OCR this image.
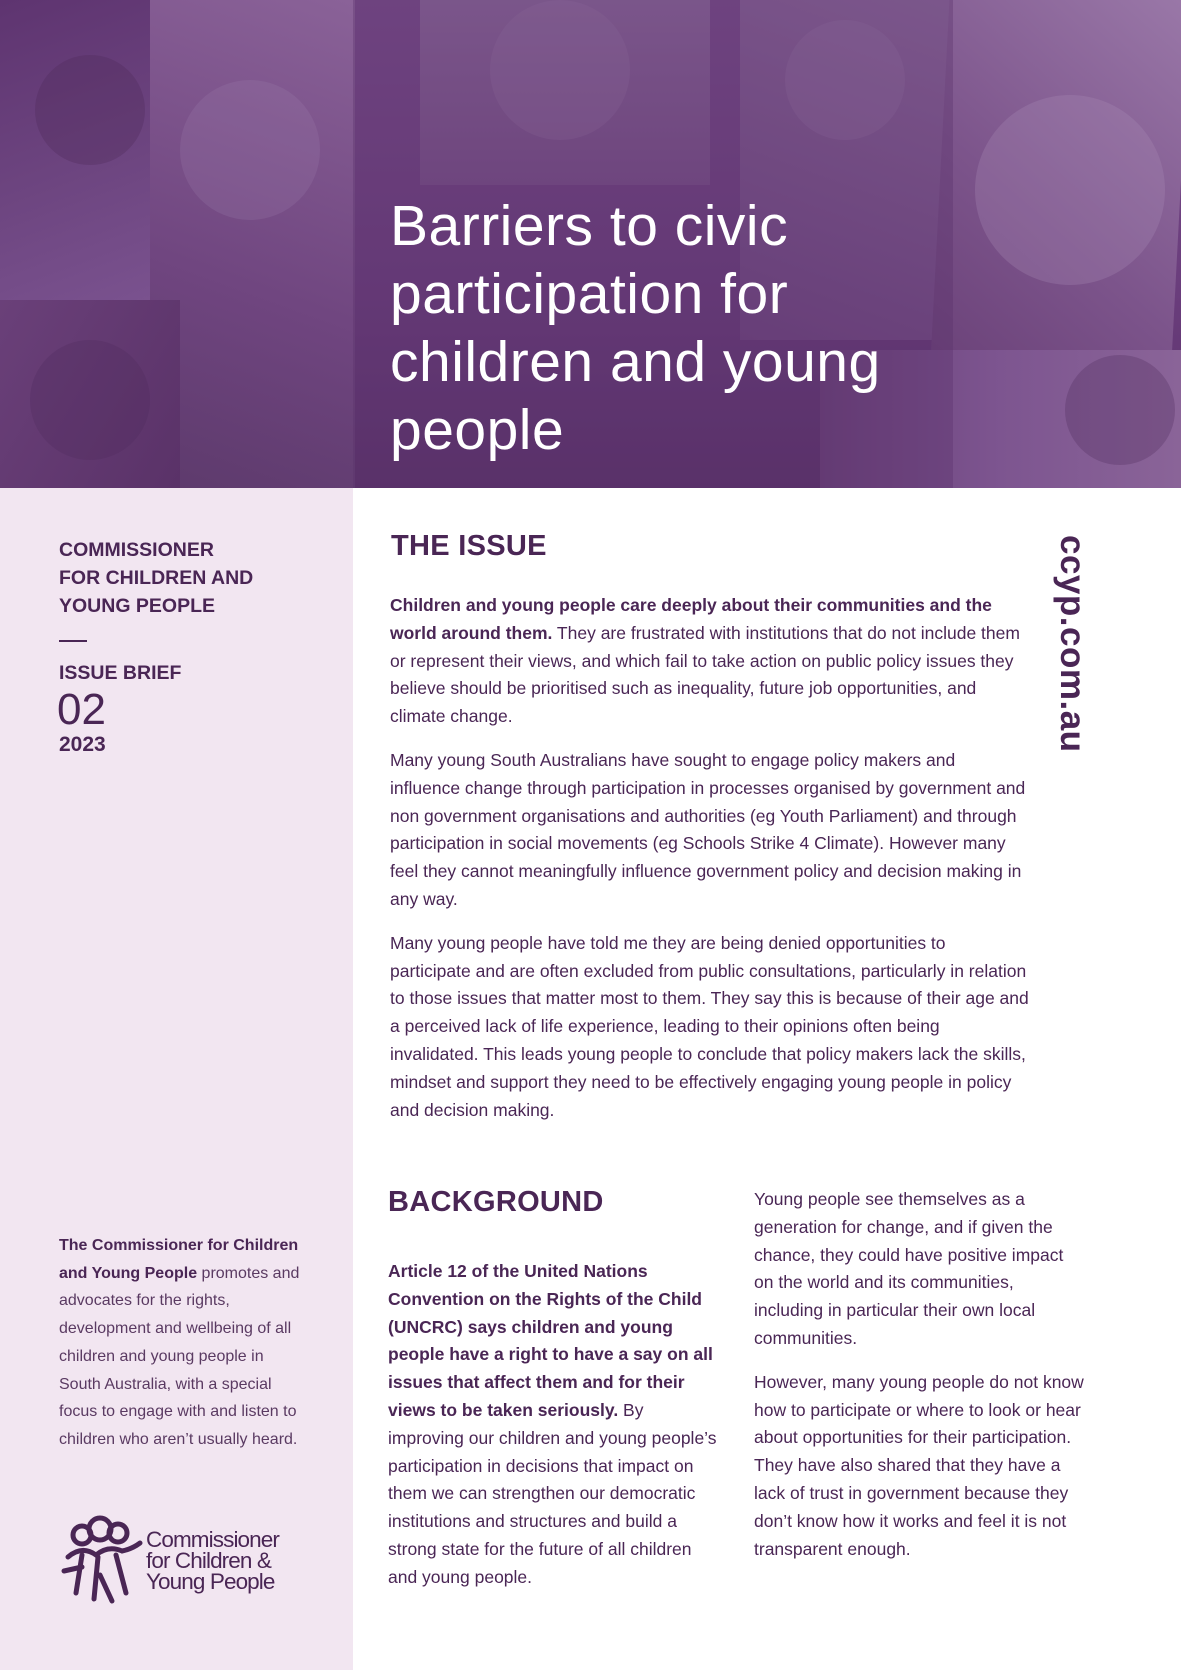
Barriers to civic participation for children and young people
COMMISSIONER
FOR CHILDREN AND
YOUNG PEOPLE
ISSUE BRIEF
02
2023
The Commissioner for Children and Young People promotes and advocates for the rights, development and wellbeing of all children and young people in South Australia, with a special focus to engage with and listen to children who aren’t usually heard.
Commissioner
for Children &
Young People
THE ISSUE

Children and young people care deeply about their communities and the world around them. They are frustrated with institutions that do not include them or represent their views, and which fail to take action on public policy issues they believe should be prioritised such as inequality, future job opportunities, and climate change.

Many young South Australians have sought to engage policy makers and influence change through participation in processes organised by government and non government organisations and authorities (eg Youth Parliament) and through participation in social movements (eg Schools Strike 4 Climate). However many feel they cannot meaningfully influence government policy and decision making in any way.

Many young people have told me they are being denied opportunities to participate and are often excluded from public consultations, particularly in relation to those issues that matter most to them. They say this is because of their age and a perceived lack of life experience, leading to their opinions often being invalidated. This leads young people to conclude that policy makers lack the skills, mindset and support they need to be effectively engaging young people in policy and decision making.

ccyp.com.au
BACKGROUND

Article 12 of the United Nations Convention on the Rights of the Child (UNCRC) says children and young people have a right to have a say on all issues that affect them and for their views to be taken seriously. By improving our children and young people’s participation in decisions that impact on them we can strengthen our democratic institutions and structures and build a strong state for the future of all children and young people.

Young people see themselves as a generation for change, and if given the chance, they could have positive impact on the world and its communities, including in particular their own local communities.

However, many young people do not know how to participate or where to look or hear about opportunities for their participation. They have also shared that they have a lack of trust in government because they don’t know how it works and feel it is not transparent enough.
